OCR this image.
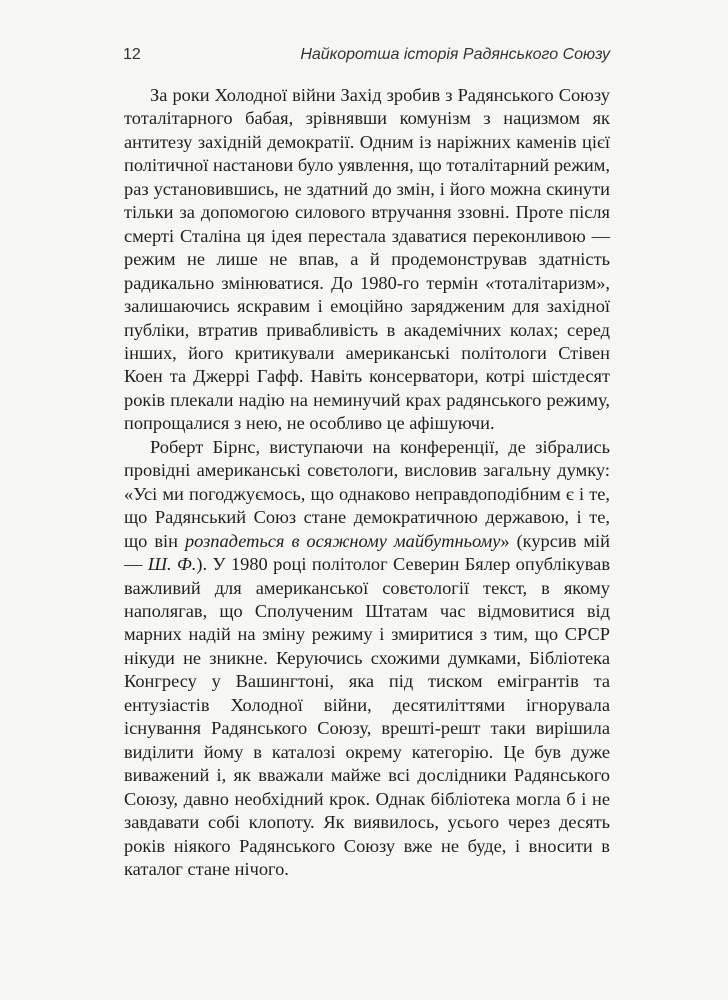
12	Найкоротша історія Радянського Союзу

За роки Холодної війни Захід зробив з Радянського Союзу тоталітарного бабая, зрівнявши комунізм з нацизмом як антитезу західній демократії. Одним із наріжних каменів цієї політичної настанови було уявлення, що тоталітарний режим, раз установившись, не здатний до змін, і його можна скинути тільки за допомогою силового втручання ззовні. Проте після смерті Сталіна ця ідея перестала здаватися переконливою — режим не лише не впав, а й продемонстрував здатність радикально змінюватися. До 1980-го термін «тоталітаризм», залишаючись яскравим і емоційно зарядженим для західної публіки, втратив привабливість в академічних колах; серед інших, його критикували американські політологи Стівен Коен та Джеррі Гафф. Навіть консерватори, котрі шістдесят років плекали надію на неминучий крах радянського режиму, попрощалися з нею, не особливо це афішуючи.

Роберт Бірнс, виступаючи на конференції, де зібрались провідні американські совєтологи, висловив загальну думку: «Усі ми погоджуємось, що однаково неправдоподібним є і те, що Радянський Союз стане демократичною державою, і те, що він розпадеться в осяжному майбутньому» (курсив мій — Ш. Ф.). У 1980 році політолог Северин Бялер опублікував важливий для американської совєтології текст, в якому наполягав, що Сполученим Штатам час відмовитися від марних надій на зміну режиму і змиритися з тим, що СРСР нікуди не зникне. Керуючись схожими думками, Бібліотека Конгресу у Вашингтоні, яка під тиском емігрантів та ентузіастів Холодної війни, десятиліттями ігнорувала існування Радянського Союзу, врешті-решт таки вирішила виділити йому в каталозі окрему категорію. Це був дуже виважений і, як вважали майже всі дослідники Радянського Союзу, давно необхідний крок. Однак бібліотека могла б і не завдавати собі клопоту. Як виявилось, усього через десять років ніякого Радянського Союзу вже не буде, і вносити в каталог стане нічого.
